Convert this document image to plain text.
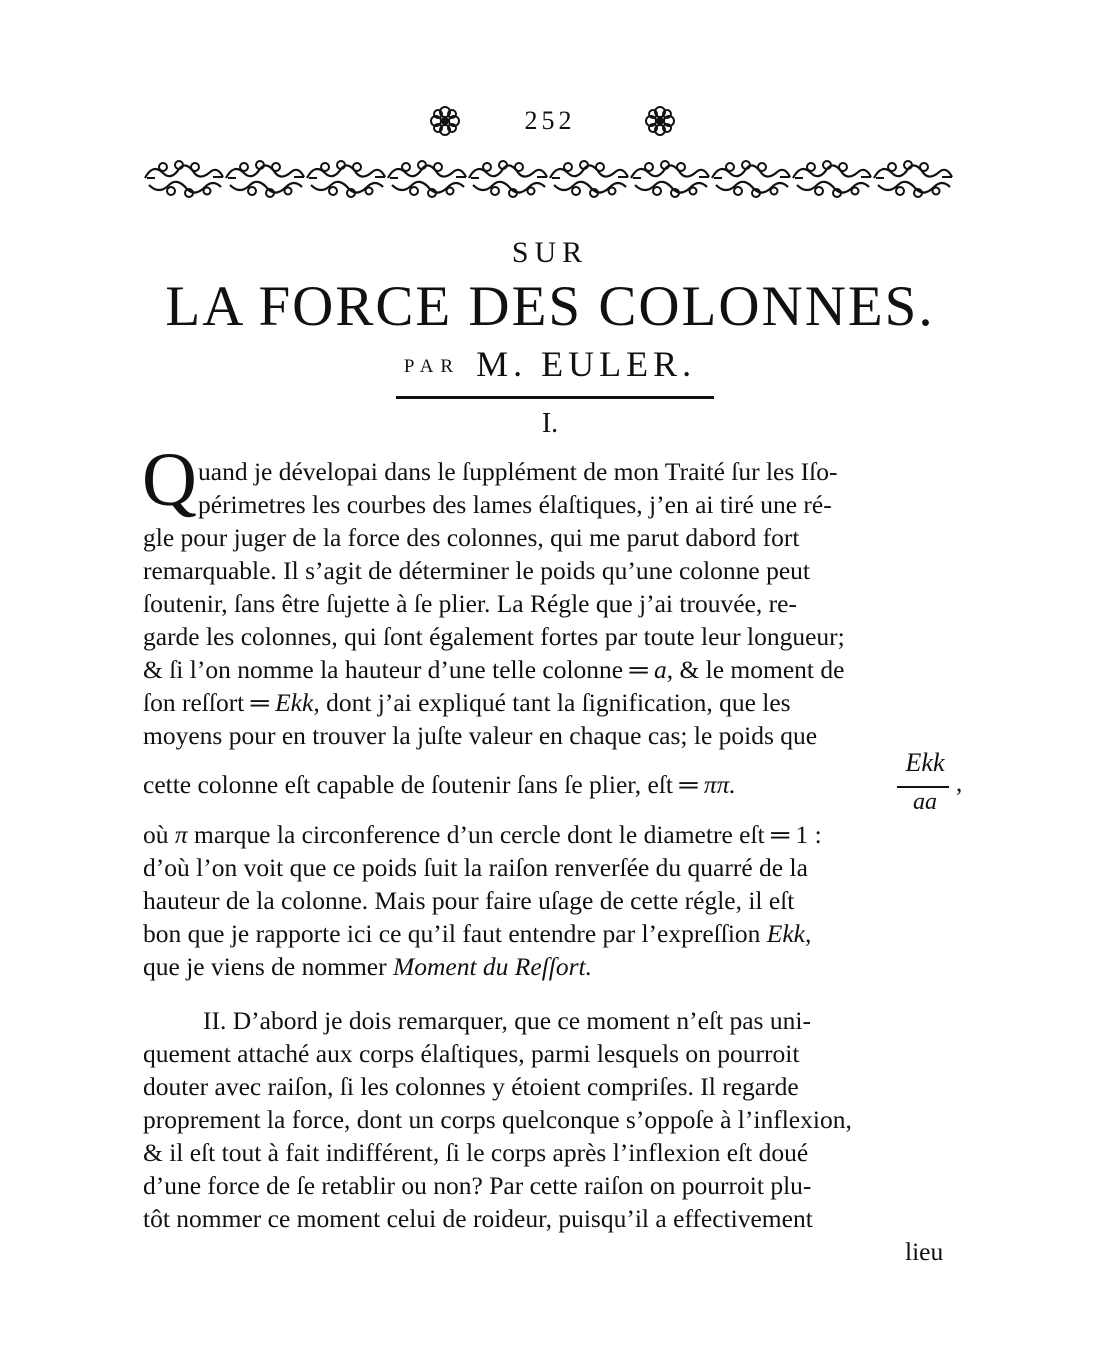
252
SUR
LA FORCE DES COLONNES.
PAR M. EULER.
I.
Q uand je dévelopai dans le ſupplément de mon Traité ſur les Iſo-
périmetres les courbes des lames élaſtiques, j’en ai tiré une ré-
gle pour juger de la force des colonnes, qui me parut dabord fort
remarquable. Il s’agit de déterminer le poids qu’une colonne peut
ſoutenir, ſans être ſujette à ſe plier. La Régle que j’ai trouvée, re-
garde les colonnes, qui ſont également fortes par toute leur longueur;
& ſi l’on nomme la hauteur d’une telle colonne ═ a, & le moment de
ſon reſſort ═ Ekk, dont j’ai expliqué tant la ſignification, que les
moyens pour en trouver la juſte valeur en chaque cas; le poids que
cette colonne eſt capable de ſoutenir ſans ſe plier, eſt ═ ππ.
Ekk
aa
,
où π marque la circonference d’un cercle dont le diametre eſt ═ 1 :
d’où l’on voit que ce poids ſuit la raiſon renverſée du quarré de la
hauteur de la colonne. Mais pour faire uſage de cette régle, il eſt
bon que je rapporte ici ce qu’il faut entendre par l’expreſſion Ekk,
que je viens de nommer Moment du Reſſort.
II. D’abord je dois remarquer, que ce moment n’eſt pas uni-
quement attaché aux corps élaſtiques, parmi lesquels on pourroit
douter avec raiſon, ſi les colonnes y étoient compriſes. Il regarde
proprement la force, dont un corps quelconque s’oppoſe à l’inflexion,
& il eſt tout à fait indifférent, ſi le corps après l’inflexion eſt doué
d’une force de ſe retablir ou non? Par cette raiſon on pourroit plu-
tôt nommer ce moment celui de roideur, puisqu’il a effectivement
lieu
